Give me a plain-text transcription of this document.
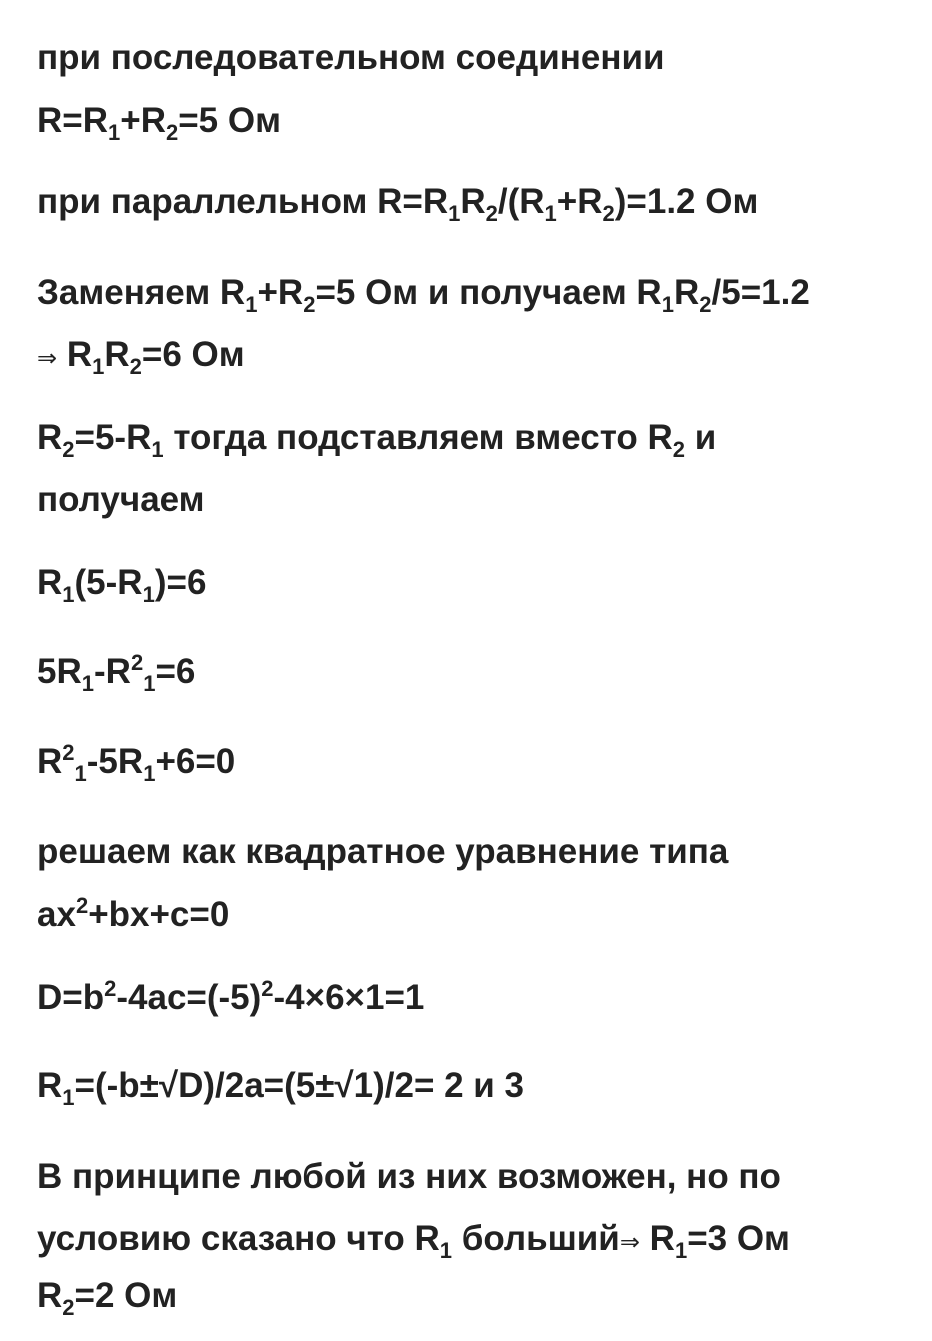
при последовательном соединении

$R=R_1+R_2=5$ Ом

при параллельном $R=R_1R_2/(R_1+R_2)=1.2$ Ом

Заменяем $R_1+R_2=5$ Ом и получаем $R_1R_2/5=1.2$

⇒ $R_1R_2=6$ Ом

$R_2=5-R_1$ тогда подставляем вместо $R_2$ и

получаем

$R_1(5-R_1)=6$

$5R_1-R^2_1=6$

$R^2_1-5R_1+6=0$

решаем как квадратное уравнение типа

$ax^2+bx+c=0$

$D=b^2-4ac=(-5)^2-4\times 6\times 1=1$

$R_1=(-b\pm√D)/2a=(5\pm√1)/2= 2$ и 3

В принципе любой из них возможен, но по

условию сказано что $R_1$ больший⇒ $R_1=3$ Ом

$R_2=2$ Ом
